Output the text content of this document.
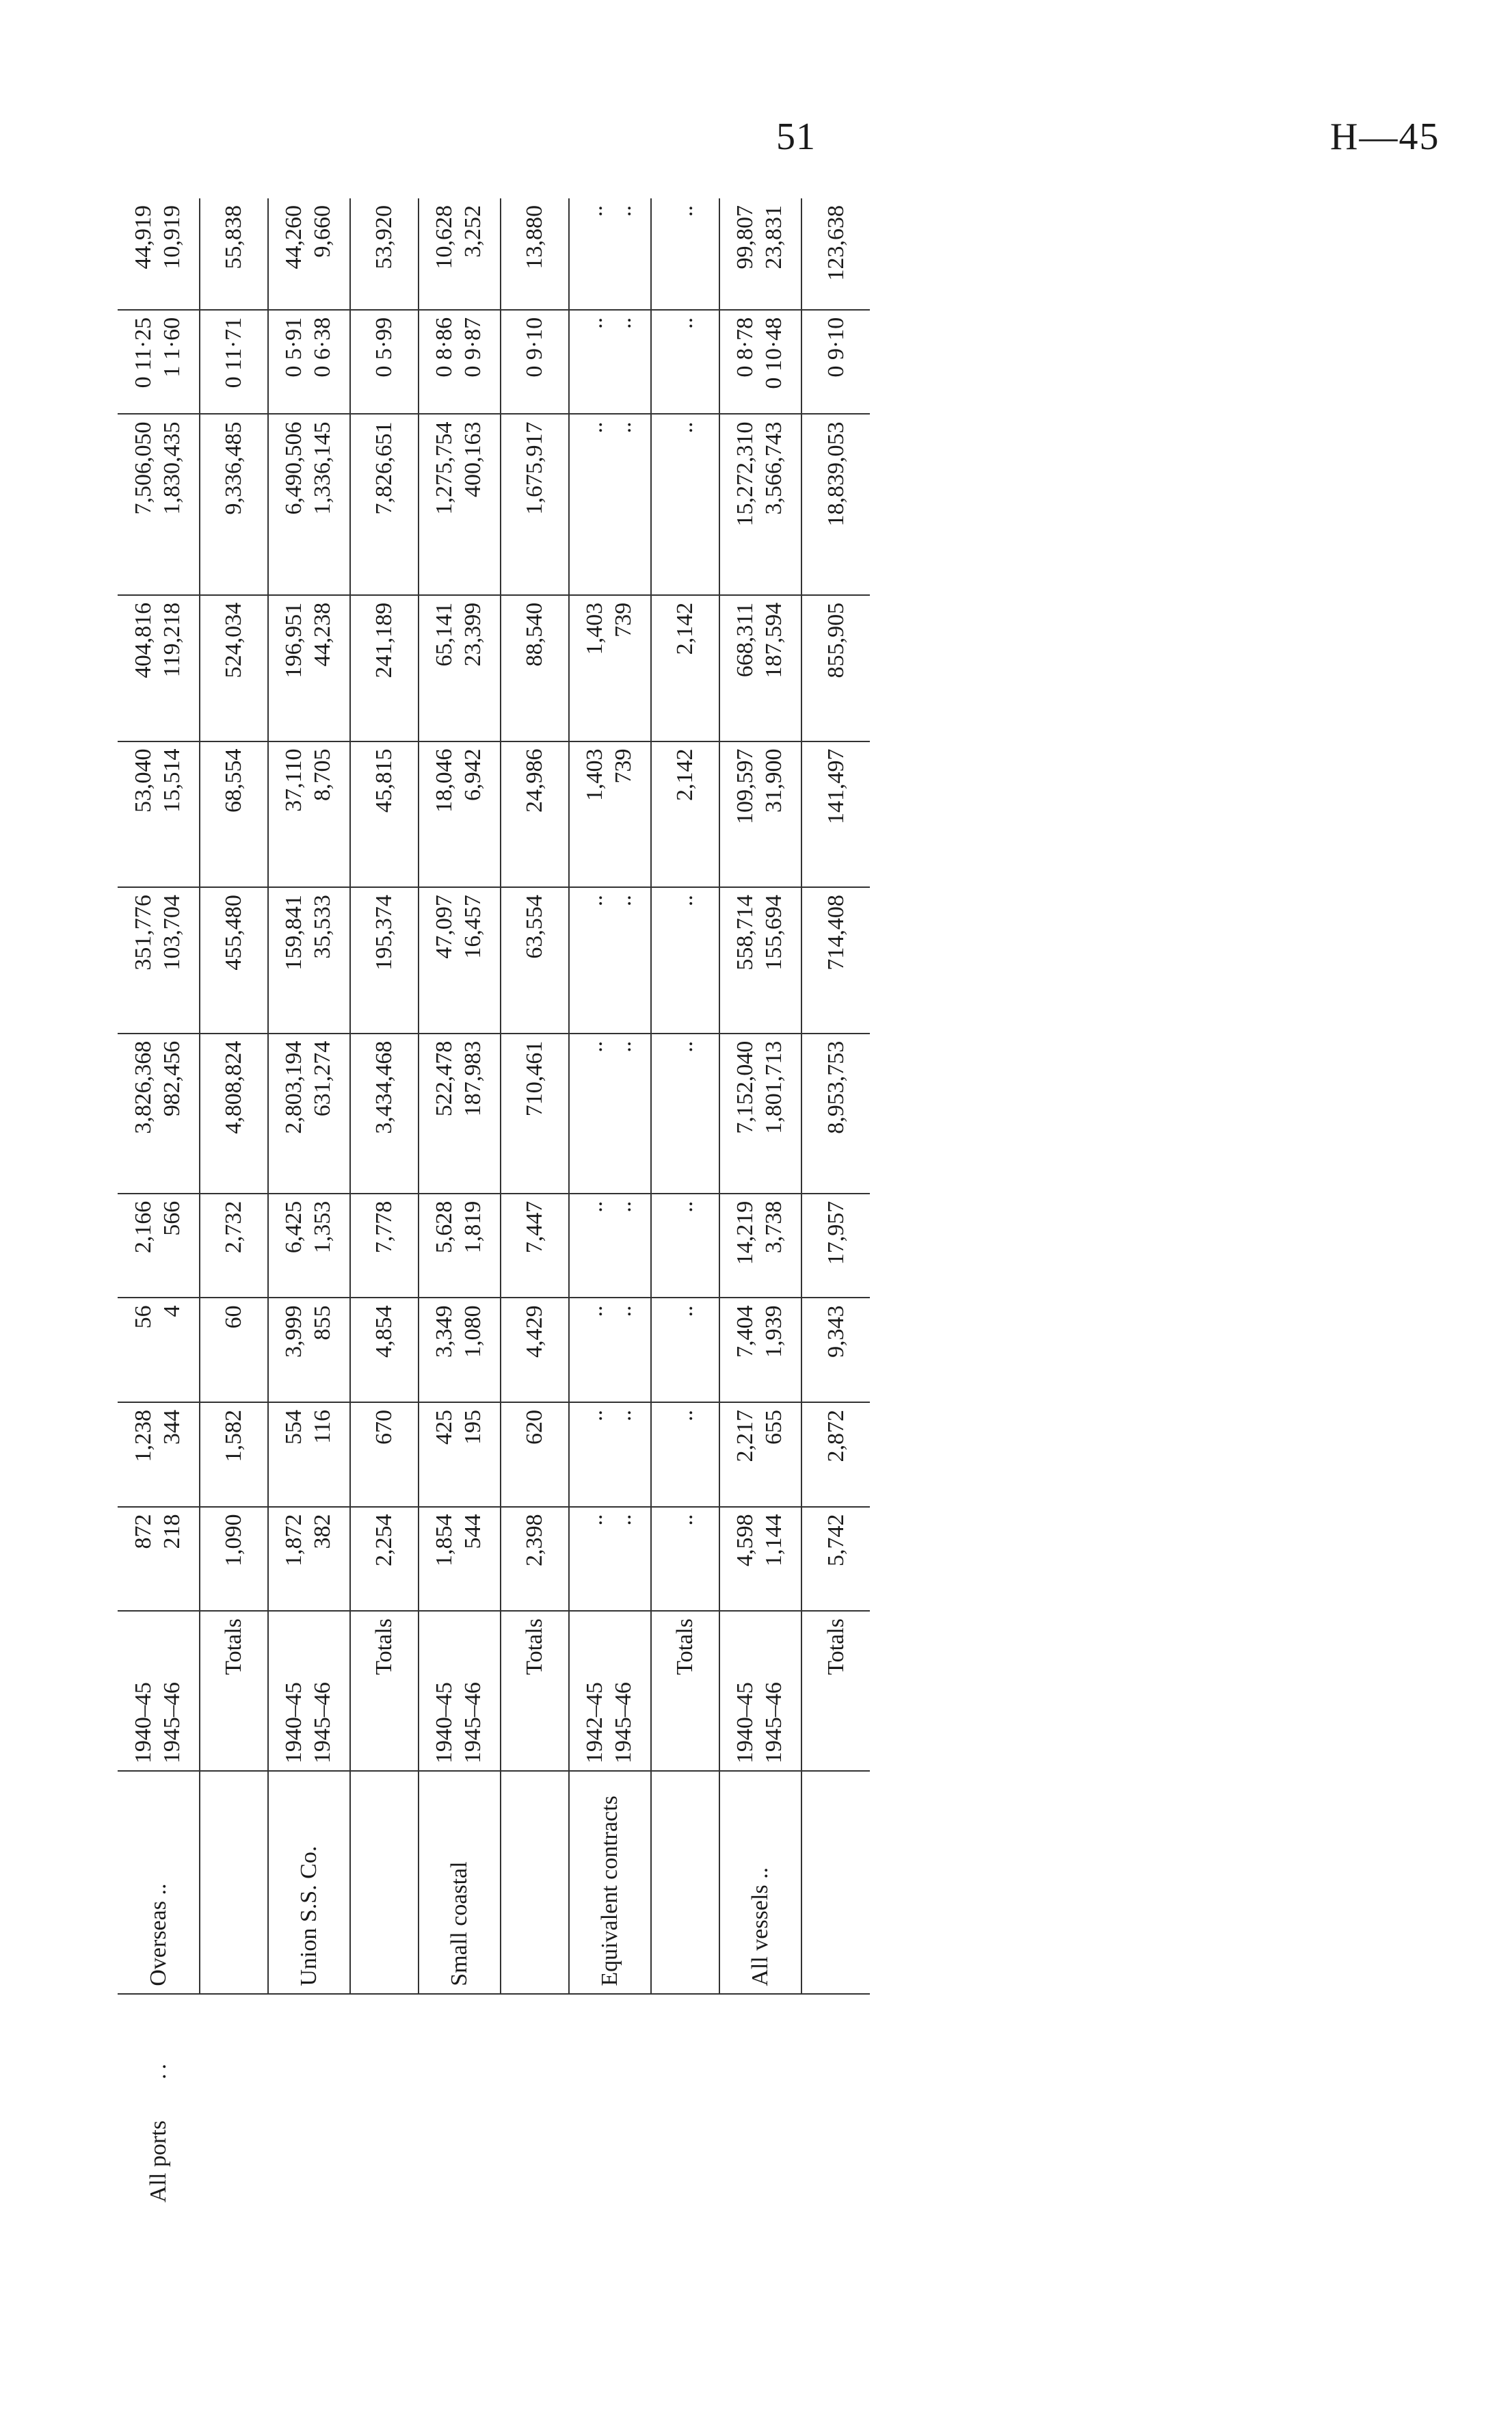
51	H—45
All ports..	Overseas ..	1940–45 1945–46	872 218	1,238 344	56 4	2,166 566	3,826,368 982,456	351,776 103,704	53,040 15,514	404,816 119,218	7,506,050 1,830,435	0 11·25 1 1·60	44,919 10,919

		Totals	1,090	1,582	60	2,732	4,808,824	455,480	68,554	524,034	9,336,485	0 11·71	55,838
	Union S.S. Co.	1940–45 1945–46	1,872 382	554 116	3,999 855	6,425 1,353	2,803,194 631,274	159,841 35,533	37,110 8,705	196,951 44,238	6,490,506 1,336,145	0 5·91 0 6·38	44,260 9,660

		Totals	2,254	670	4,854	7,778	3,434,468	195,374	45,815	241,189	7,826,651	0 5·99	53,920
	Small coastal	1940–45 1945–46	1,854 544	425 195	3,349 1,080	5,628 1,819	522,478 187,983	47,097 16,457	18,046 6,942	65,141 23,399	1,275,754 400,163	0 8·86 0 9·87	10,628 3,252

		Totals	2,398	620	4,429	7,447	710,461	63,554	24,986	88,540	1,675,917	0 9·10	13,880
	Equivalent contracts	1942–45 1945–46	.. ..	.. ..	.. ..	.. ..	.. ..	.. ..	1,403 739	1,403 739	.. ..	.. ..	.. ..

		Totals	..	..	..	..	..	..	2,142	2,142	..	..	..
	All vessels ..	1940–45 1945–46	4,598 1,144	2,217 655	7,404 1,939	14,219 3,738	7,152,040 1,801,713	558,714 155,694	109,597 31,900	668,311 187,594	15,272,310 3,566,743	0 8·78 0 10·48	99,807 23,831

		Totals	5,742	2,872	9,343	17,957	8,953,753	714,408	141,497	855,905	18,839,053	0 9·10	123,638
